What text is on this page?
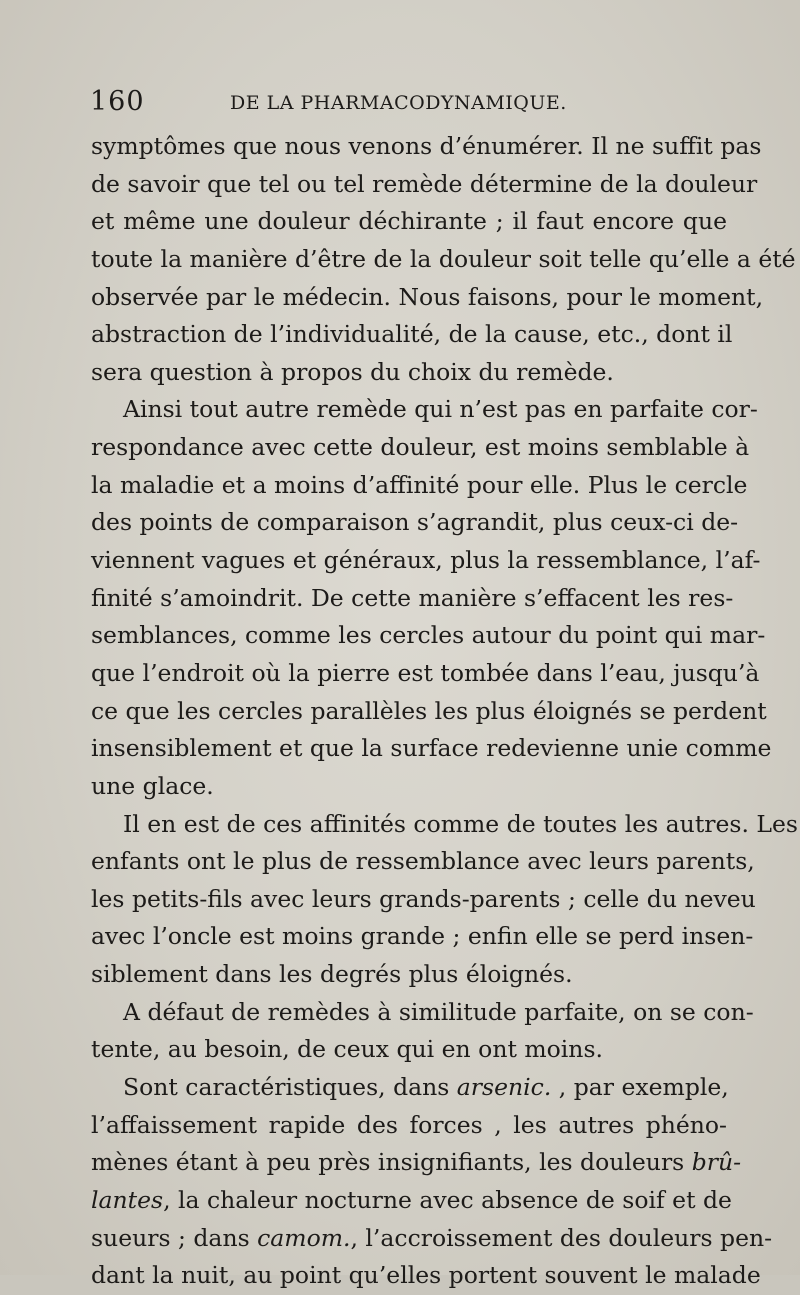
160	DE LA PHARMACODYNAMIQUE.
symptômes que nous venons d’énumérer. Il ne suffit pas
de savoir que tel ou tel remède détermine de la douleur
et même une douleur déchirante ; il faut encore que
toute la manière d’être de la douleur soit telle qu’elle a été
observée par le médecin. Nous faisons, pour le moment,
abstraction de l’individualité, de la cause, etc., dont il
sera question à propos du choix du remède.
Ainsi tout autre remède qui n’est pas en parfaite cor-
respondance avec cette douleur, est moins semblable à
la maladie et a moins d’affinité pour elle. Plus le cercle
des points de comparaison s’agrandit, plus ceux-ci de-
viennent vagues et généraux, plus la ressemblance, l’af-
finité s’amoindrit. De cette manière s’effacent les res-
semblances, comme les cercles autour du point qui mar-
que l’endroit où la pierre est tombée dans l’eau, jusqu’à
ce que les cercles parallèles les plus éloignés se perdent
insensiblement et que la surface redevienne unie comme
une glace.
Il en est de ces affinités comme de toutes les autres. Les
enfants ont le plus de ressemblance avec leurs parents,
les petits-fils avec leurs grands-parents ; celle du neveu
avec l’oncle est moins grande ; enfin elle se perd insen-
siblement dans les degrés plus éloignés.
A défaut de remèdes à similitude parfaite, on se con-
tente, au besoin, de ceux qui en ont moins.
Sont caractéristiques, dans arsenic. , par exemple,
l’affaissement rapide des forces , les autres phéno-
mènes étant à peu près insignifiants, les douleurs brû-
lantes, la chaleur nocturne avec absence de soif et de
sueurs ; dans camom., l’accroissement des douleurs pen-
dant la nuit, au point qu’elles portent souvent le malade
